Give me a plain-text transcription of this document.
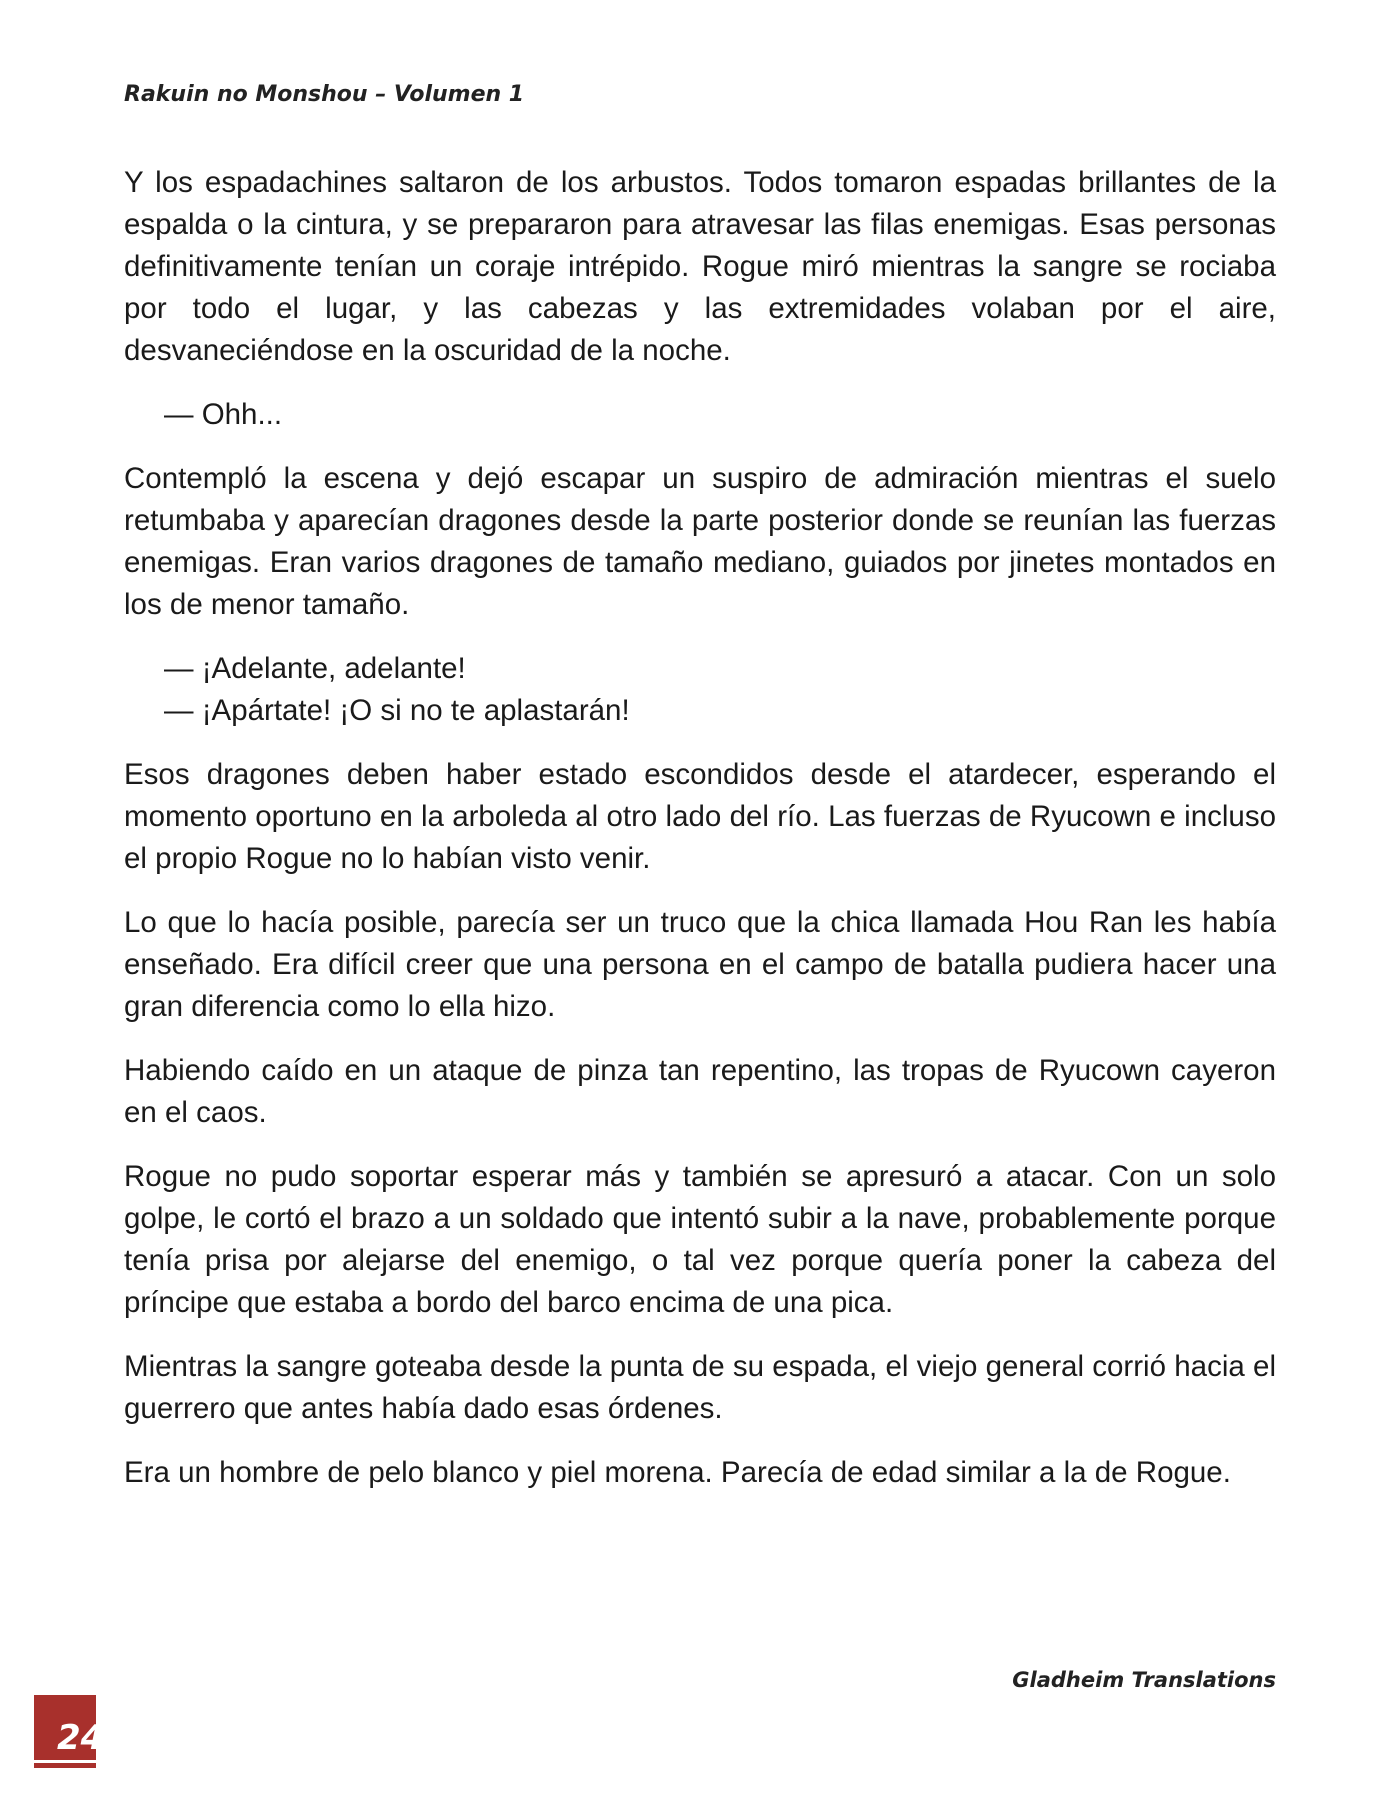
Rakuin no Monshou – Volumen 1

Y los espadachines saltaron de los arbustos. Todos tomaron espadas brillantes de la espalda o la cintura, y se prepararon para atravesar las filas enemigas. Esas personas definitivamente tenían un coraje intrépido. Rogue miró mientras la sangre se rociaba por todo el lugar, y las cabezas y las extremidades volaban por el aire, desvaneciéndose en la oscuridad de la noche.

— Ohh...

Contempló la escena y dejó escapar un suspiro de admiración mientras el suelo retumbaba y aparecían dragones desde la parte posterior donde se reunían las fuerzas enemigas. Eran varios dragones de tamaño mediano, guiados por jinetes montados en los de menor tamaño.

— ¡Adelante, adelante!
— ¡Apártate! ¡O si no te aplastarán!

Esos dragones deben haber estado escondidos desde el atardecer, esperando el momento oportuno en la arboleda al otro lado del río. Las fuerzas de Ryucown e incluso el propio Rogue no lo habían visto venir.

Lo que lo hacía posible, parecía ser un truco que la chica llamada Hou Ran les había enseñado. Era difícil creer que una persona en el campo de batalla pudiera hacer una gran diferencia como lo ella hizo.

Habiendo caído en un ataque de pinza tan repentino, las tropas de Ryucown cayeron en el caos.

Rogue no pudo soportar esperar más y también se apresuró a atacar. Con un solo golpe, le cortó el brazo a un soldado que intentó subir a la nave, probablemente porque tenía prisa por alejarse del enemigo, o tal vez porque quería poner la cabeza del príncipe que estaba a bordo del barco encima de una pica.

Mientras la sangre goteaba desde la punta de su espada, el viejo general corrió hacia el guerrero que antes había dado esas órdenes.

Era un hombre de pelo blanco y piel morena. Parecía de edad similar a la de Rogue.

Gladheim Translations
24
